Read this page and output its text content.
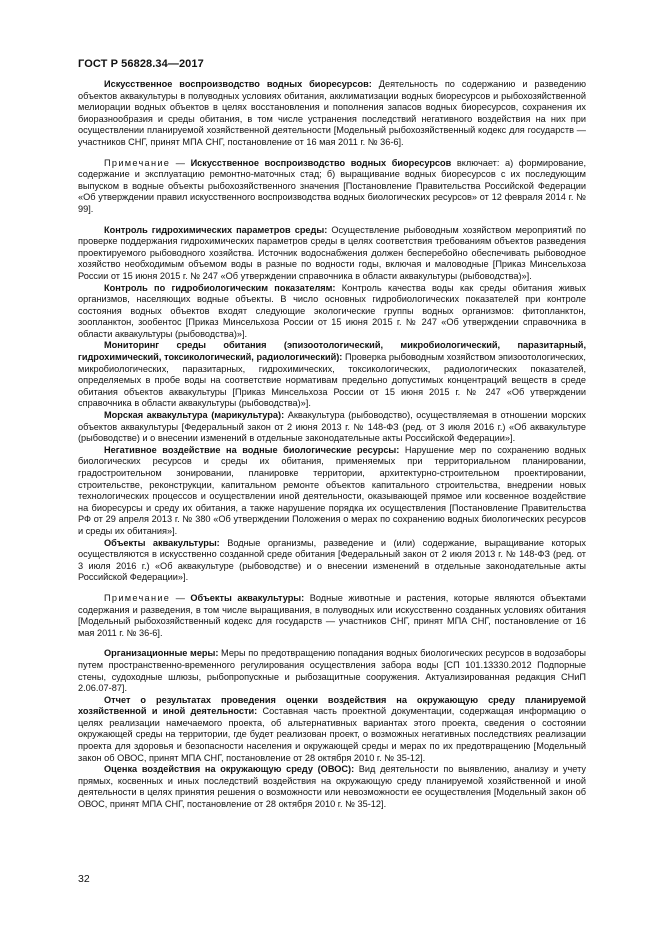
ГОСТ Р 56828.34—2017

Искусственное воспроизводство водных биоресурсов: Деятельность по содержанию и разведению объектов аквакультуры в полуводных условиях обитания, акклиматизации водных биоресурсов и рыбохозяйственной мелиорации водных объектов в целях восстановления и пополнения запасов водных биоресурсов, сохранения их биоразнообразия и среды обитания, в том числе устранения последствий негативного воздействия на них при осуществлении планируемой хозяйственной деятельности [Модельный рыбохозяйственный кодекс для государств — участников СНГ, принят МПА СНГ, постановление от 16 мая 2011 г. № 36-6].

Примечание — Искусственное воспроизводство водных биоресурсов включает: а) формирование, содержание и эксплуатацию ремонтно-маточных стад; б) выращивание водных биоресурсов с их последующим выпуском в водные объекты рыбохозяйственного значения [Постановление Правительства Российской Федерации «Об утверждении правил искусственного воспроизводства водных биологических ресурсов» от 12 февраля 2014 г. № 99].

Контроль гидрохимических параметров среды: Осуществление рыбоводным хозяйством мероприятий по проверке поддержания гидрохимических параметров среды в целях соответствия требованиям объектов разведения проектируемого рыбоводного хозяйства. Источник водоснабжения должен бесперебойно обеспечивать рыбоводное хозяйство необходимым объемом воды в разные по водности годы, включая и маловодные [Приказ Минсельхоза России от 15 июня 2015 г. № 247 «Об утверждении справочника в области аквакультуры (рыбоводства)»].

Контроль по гидробиологическим показателям: Контроль качества воды как среды обитания живых организмов, населяющих водные объекты. В число основных гидробиологических показателей при контроле состояния водных объектов входят следующие экологические группы водных организмов: фитопланктон, зоопланктон, зообентос [Приказ Минсельхоза России от 15 июня 2015 г. № 247 «Об утверждении справочника в области аквакультуры (рыбоводства)»].

Мониторинг среды обитания (эпизоотологический, микробиологический, паразитарный, гидрохимический, токсикологический, радиологический): Проверка рыбоводным хозяйством эпизоотологических, микробиологических, паразитарных, гидрохимических, токсикологических, радиологических показателей, определяемых в пробе воды на соответствие нормативам предельно допустимых концентраций веществ в среде обитания объектов аквакультуры [Приказ Минсельхоза России от 15 июня 2015 г. № 247 «Об утверждении справочника в области аквакультуры (рыбоводства)»].

Морская аквакультура (марикультура): Аквакультура (рыбоводство), осуществляемая в отношении морских объектов аквакультуры [Федеральный закон от 2 июня 2013 г. № 148-ФЗ (ред. от 3 июля 2016 г.) «Об аквакультуре (рыбоводстве) и о внесении изменений в отдельные законодательные акты Российской Федерации»].

Негативное воздействие на водные биологические ресурсы: Нарушение мер по сохранению водных биологических ресурсов и среды их обитания, применяемых при территориальном планировании, градостроительном зонировании, планировке территории, архитектурно-строительном проектировании, строительстве, реконструкции, капитальном ремонте объектов капитального строительства, внедрении новых технологических процессов и осуществлении иной деятельности, оказывающей прямое или косвенное воздействие на биоресурсы и среду их обитания, а также нарушение порядка их осуществления [Постановление Правительства РФ от 29 апреля 2013 г. № 380 «Об утверждении Положения о мерах по сохранению водных биологических ресурсов и среды их обитания»].

Объекты аквакультуры: Водные организмы, разведение и (или) содержание, выращивание которых осуществляются в искусственно созданной среде обитания [Федеральный закон от 2 июля 2013 г. № 148-ФЗ (ред. от 3 июля 2016 г.) «Об аквакультуре (рыбоводстве) и о внесении изменений в отдельные законодательные акты Российской Федерации»].

Примечание — Объекты аквакультуры: Водные животные и растения, которые являются объектами содержания и разведения, в том числе выращивания, в полуводных или искусственно созданных условиях обитания [Модельный рыбохозяйственный кодекс для государств — участников СНГ, принят МПА СНГ, постановление от 16 мая 2011 г. № 36-6].

Организационные меры: Меры по предотвращению попадания водных биологических ресурсов в водозаборы путем пространственно-временного регулирования осуществления забора воды [СП 101.13330.2012 Подпорные стены, судоходные шлюзы, рыбопропускные и рыбозащитные сооружения. Актуализированная редакция СНиП 2.06.07-87].

Отчет о результатах проведения оценки воздействия на окружающую среду планируемой хозяйственной и иной деятельности: Составная часть проектной документации, содержащая информацию о целях реализации намечаемого проекта, об альтернативных вариантах этого проекта, сведения о состоянии окружающей среды на территории, где будет реализован проект, о возможных негативных последствиях реализации проекта для здоровья и безопасности населения и окружающей среды и мерах по их предотвращению [Модельный закон об ОВОС, принят МПА СНГ, постановление от 28 октября 2010 г. № 35-12].

Оценка воздействия на окружающую среду (ОВОС): Вид деятельности по выявлению, анализу и учету прямых, косвенных и иных последствий воздействия на окружающую среду планируемой хозяйственной и иной деятельности в целях принятия решения о возможности или невозможности ее осуществления [Модельный закон об ОВОС, принят МПА СНГ, постановление от 28 октября 2010 г. № 35-12].

32
